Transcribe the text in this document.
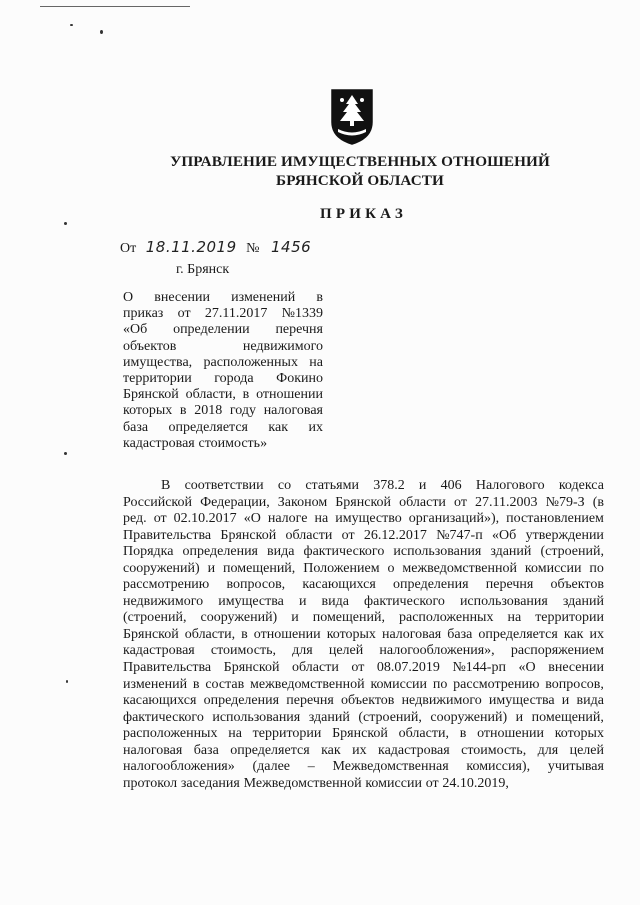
УПРАВЛЕНИЕ ИМУЩЕСТВЕННЫХ ОТНОШЕНИЙ
БРЯНСКОЙ ОБЛАСТИ
ПРИКАЗ
От 18.11.2019 № 1456
г. Брянск
О внесении изменений в
приказ от 27.11.2017 №1339
«Об определении перечня
объектов	недвижимого
имущества, расположенных на
территории города Фокино
Брянской области, в отношении
которых в 2018 году налоговая
база определяется как их
кадастровая стоимость»
В соответствии со статьями 378.2 и 406 Налогового кодекса
Российской Федерации, Законом Брянской области от 27.11.2003 №79-З (в
ред. от 02.10.2017 «О налоге на имущество организаций»), постановлением
Правительства Брянской области от 26.12.2017 №747-п «Об утверждении
Порядка определения вида фактического использования зданий (строений,
сооружений) и помещений, Положением о межведомственной комиссии по
рассмотрению вопросов, касающихся определения перечня объектов
недвижимого имущества и вида фактического использования зданий
(строений, сооружений) и помещений, расположенных на территории
Брянской области, в отношении которых налоговая база определяется как их
кадастровая стоимость, для целей налогообложения», распоряжением
Правительства Брянской области от 08.07.2019 №144-рп «О внесении
изменений в состав межведомственной комиссии по рассмотрению вопросов,
касающихся определения перечня объектов недвижимого имущества и вида
фактического использования зданий (строений, сооружений) и помещений,
расположенных на территории Брянской области, в отношении которых
налоговая база определяется как их кадастровая стоимость, для целей
налогообложения» (далее – Межведомственная комиссия), учитывая
протокол заседания Межведомственной комиссии от 24.10.2019,
